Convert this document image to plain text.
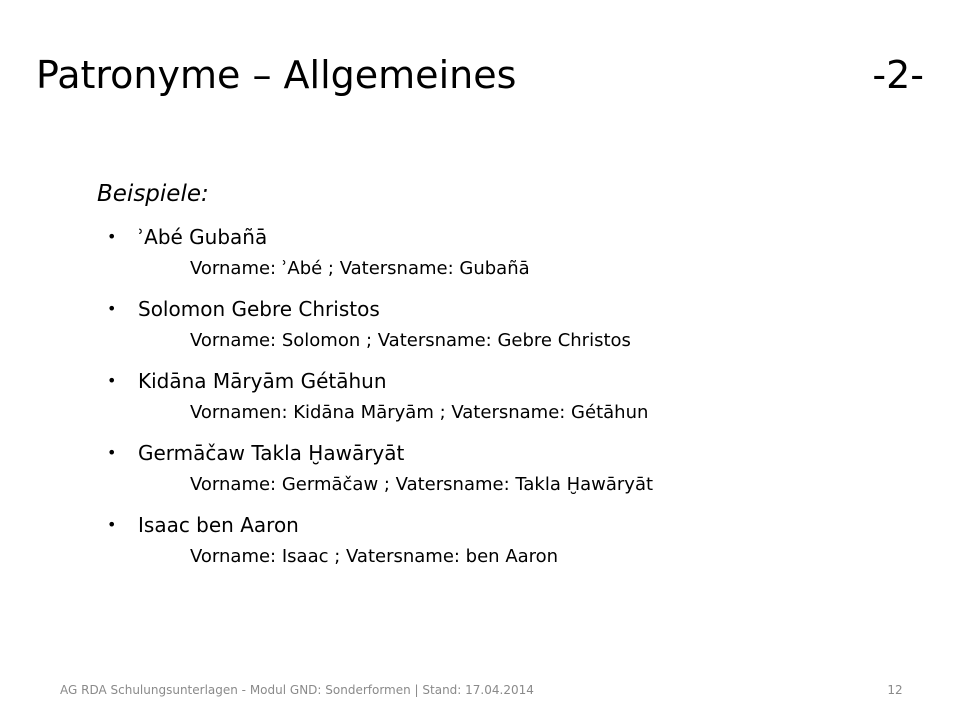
Patronyme – Allgemeines	-2-
Beispiele:
• ʾAbé Gubañā
Vorname: ʾAbé ; Vatersname: Gubañā
• Solomon Gebre Christos
Vorname: Solomon ; Vatersname: Gebre Christos
• Kidāna Māryām Gétāhun
Vornamen: Kidāna Māryām ; Vatersname: Gétāhun
• Germāčaw Takla Ḫawāryāt
Vorname: Germāčaw ; Vatersname: Takla Ḫawāryāt
• Isaac ben Aaron
Vorname: Isaac ; Vatersname: ben Aaron
AG RDA Schulungsunterlagen - Modul GND: Sonderformen | Stand: 17.04.2014	12
